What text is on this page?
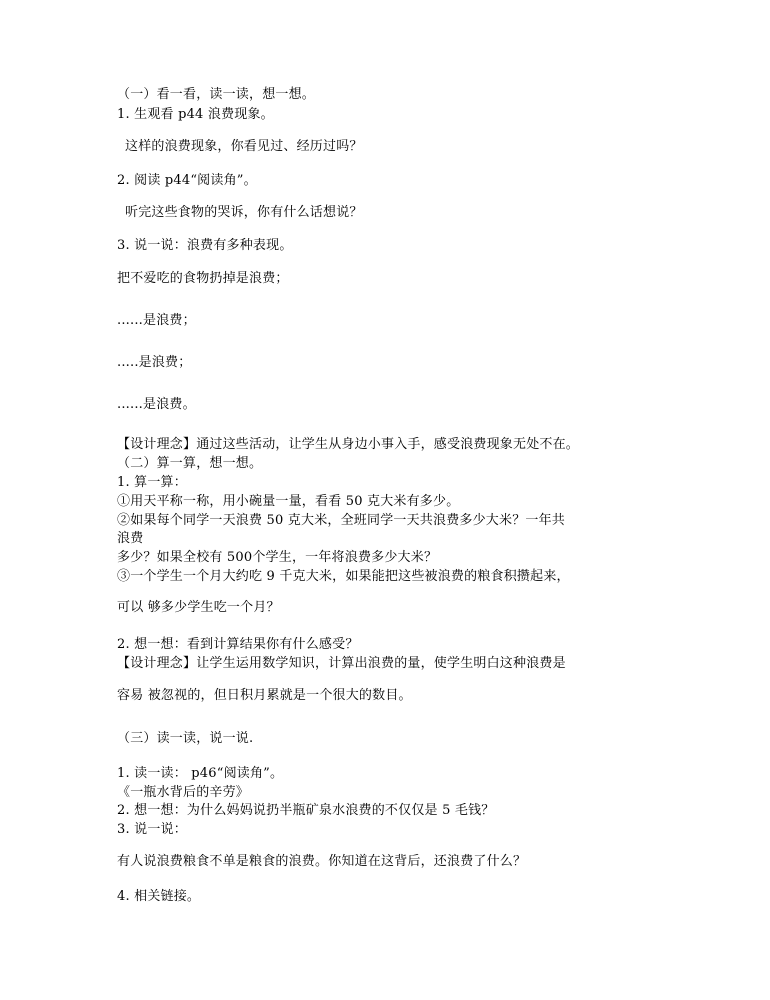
（一）看一看，读一读，想一想。
1. 生观看 p44 浪费现象。
这样的浪费现象，你看见过、经历过吗？
2. 阅读 p44“阅读角”。
听完这些食物的哭诉，你有什么话想说？
3. 说一说：浪费有多种表现。
把不爱吃的食物扔掉是浪费；
......是浪费；
.....是浪费；
......是浪费。
【设计理念】通过这些活动，让学生从身边小事入手，感受浪费现象无处不在。
（二）算一算，想一想。
1. 算一算：
①用天平称一称，用小碗量一量，看看 50 克大米有多少。
②如果每个同学一天浪费 50 克大米，全班同学一天共浪费多少大米？一年共
浪费
多少？如果全校有 500个学生，一年将浪费多少大米？
③一个学生一个月大约吃 9 千克大米，如果能把这些被浪费的粮食积攒起来，
可以 够多少学生吃一个月？
2. 想一想：看到计算结果你有什么感受？
【设计理念】让学生运用数学知识，计算出浪费的量，使学生明白这种浪费是
容易 被忽视的，但日积月累就是一个很大的数目。
（三）读一读，说一说.
1. 读一读： p46“阅读角”。
《一瓶水背后的辛劳》
2. 想一想：为什么妈妈说扔半瓶矿泉水浪费的不仅仅是 5 毛钱？
3. 说一说：
有人说浪费粮食不单是粮食的浪费。你知道在这背后，还浪费了什么？
4. 相关链接。
